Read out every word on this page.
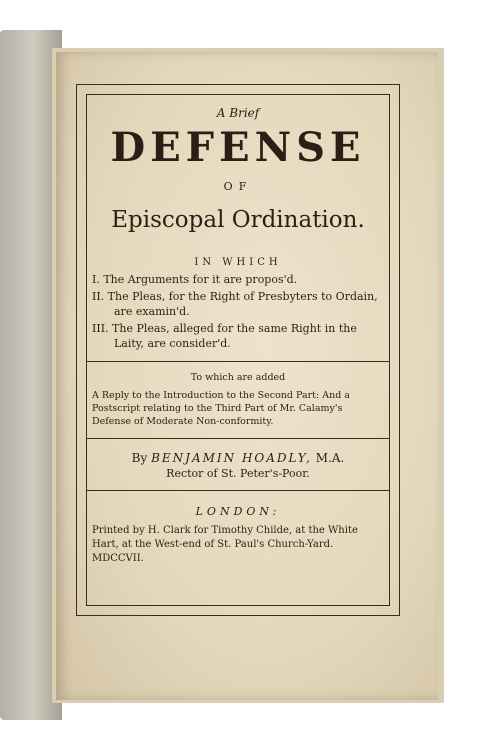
A Brief
DEFENSE
OF
Episcopal Ordination.
IN WHICH
I. The Arguments for it are propos'd.
II. The Pleas, for the Right of Presbyters to Ordain, are examin'd.
III. The Pleas, alleged for the same Right in the Laity, are consider'd.
To which are added
A Reply to the Introduction to the Second Part: And a Postscript relating to the Third Part of Mr. Calamy's Defense of Moderate Non-conformity.
By BENJAMIN HOADLY, M.A.
Rector of St. Peter's-Poor.
LONDON:
Printed by H. Clark for Timothy Childe, at the White Hart, at the West-end of St. Paul's Church-Yard. MDCCVII.
